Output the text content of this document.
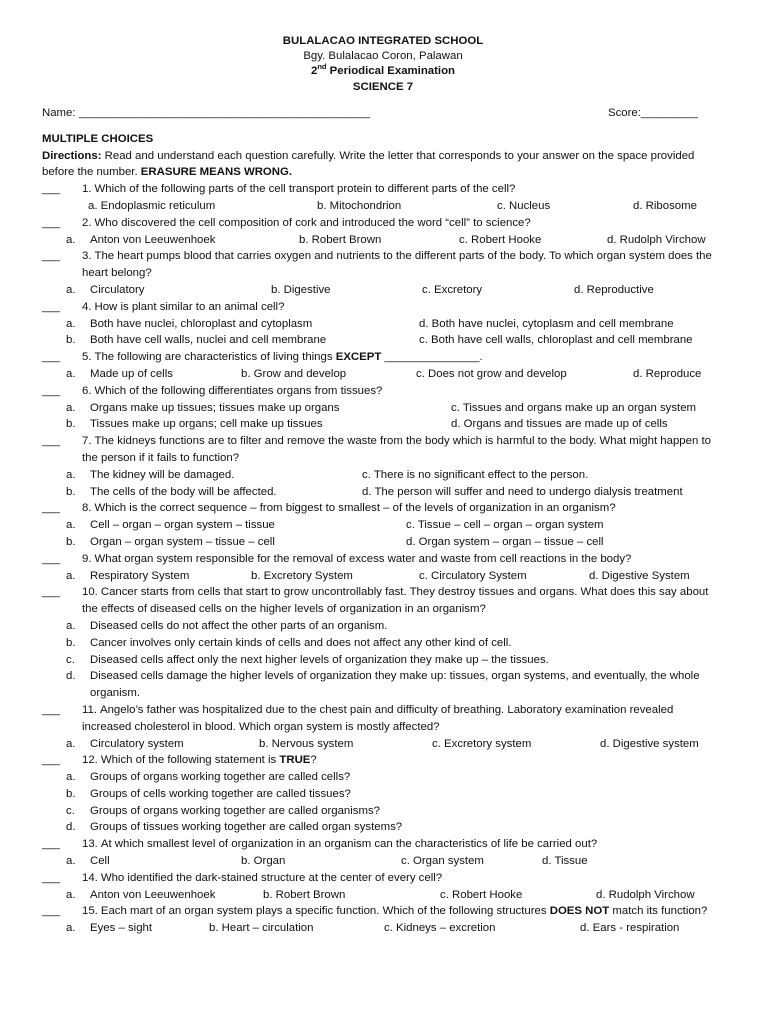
BULALACAO INTEGRATED SCHOOL
Bgy. Bulalacao Coron, Palawan
2nd Periodical Examination
SCIENCE 7
Name: ______________________________________________	Score:_________
MULTIPLE CHOICES

Directions: Read and understand each question carefully. Write the letter that corresponds to your answer on the space provided before the number. ERASURE MEANS WRONG.

___ 1. Which of the following parts of the cell transport protein to different parts of the cell?
a. Endoplasmic reticulum	b. Mitochondrion	c. Nucleus	d. Ribosome
___ 2. Who discovered the cell composition of cork and introduced the word “cell” to science?
a.	Anton von Leeuwenhoek	b. Robert Brown	c. Robert Hooke	d. Rudolph Virchow
___ 3. The heart pumps blood that carries oxygen and nutrients to the different parts of the body. To which organ system does the heart belong?
a.	Circulatory	b. Digestive	c. Excretory	d. Reproductive
___ 4. How is plant similar to an animal cell?
a.	Both have nuclei, chloroplast and cytoplasm	d. Both have nuclei, cytoplasm and cell membrane
b.	Both have cell walls, nuclei and cell membrane	c. Both have cell walls, chloroplast and cell membrane
___ 5. The following are characteristics of living things EXCEPT _______________.
a.	Made up of cells	b. Grow and develop	c. Does not grow and develop	d. Reproduce
___ 6. Which of the following differentiates organs from tissues?
a.	Organs make up tissues; tissues make up organs	c. Tissues and organs make up an organ system
b.	Tissues make up organs; cell make up tissues	d. Organs and tissues are made up of cells
___ 7. The kidneys functions are to filter and remove the waste from the body which is harmful to the body. What might happen to the person if it fails to function?
a.	The kidney will be damaged.	c. There is no significant effect to the person.
b.	The cells of the body will be affected.	d. The person will suffer and need to undergo dialysis treatment
___ 8. Which is the correct sequence – from biggest to smallest – of the levels of organization in an organism?
a.	Cell – organ – organ system – tissue	c. Tissue – cell – organ – organ system
b.	Organ – organ system – tissue – cell	d. Organ system – organ – tissue – cell
___ 9. What organ system responsible for the removal of excess water and waste from cell reactions in the body?
a.	Respiratory System	b. Excretory System	c. Circulatory System	d. Digestive System
___ 10. Cancer starts from cells that start to grow uncontrollably fast. They destroy tissues and organs. What does this say about the effects of diseased cells on the higher levels of organization in an organism?
a. Diseased cells do not affect the other parts of an organism.
b. Cancer involves only certain kinds of cells and does not affect any other kind of cell.
c. Diseased cells affect only the next higher levels of organization they make up – the tissues.
d. Diseased cells damage the higher levels of organization they make up: tissues, organ systems, and eventually, the whole organism.
___ 11. Angelo’s father was hospitalized due to the chest pain and difficulty of breathing. Laboratory examination revealed increased cholesterol in blood. Which organ system is mostly affected?
a.	Circulatory system	b. Nervous system	c. Excretory system	d. Digestive system
___ 12. Which of the following statement is TRUE?
a. Groups of organs working together are called cells?
b. Groups of cells working together are called tissues?
c. Groups of organs working together are called organisms?
d. Groups of tissues working together are called organ systems?
___ 13. At which smallest level of organization in an organism can the characteristics of life be carried out?
a.	Cell	b. Organ	c. Organ system	d. Tissue
___ 14. Who identified the dark-stained structure at the center of every cell?
a.	Anton von Leeuwenhoek	b. Robert Brown	c. Robert Hooke	d. Rudolph Virchow
___ 15. Each mart of an organ system plays a specific function. Which of the following structures DOES NOT match its function?
a.	Eyes – sight	b. Heart – circulation	c. Kidneys – excretion	d. Ears - respiration
